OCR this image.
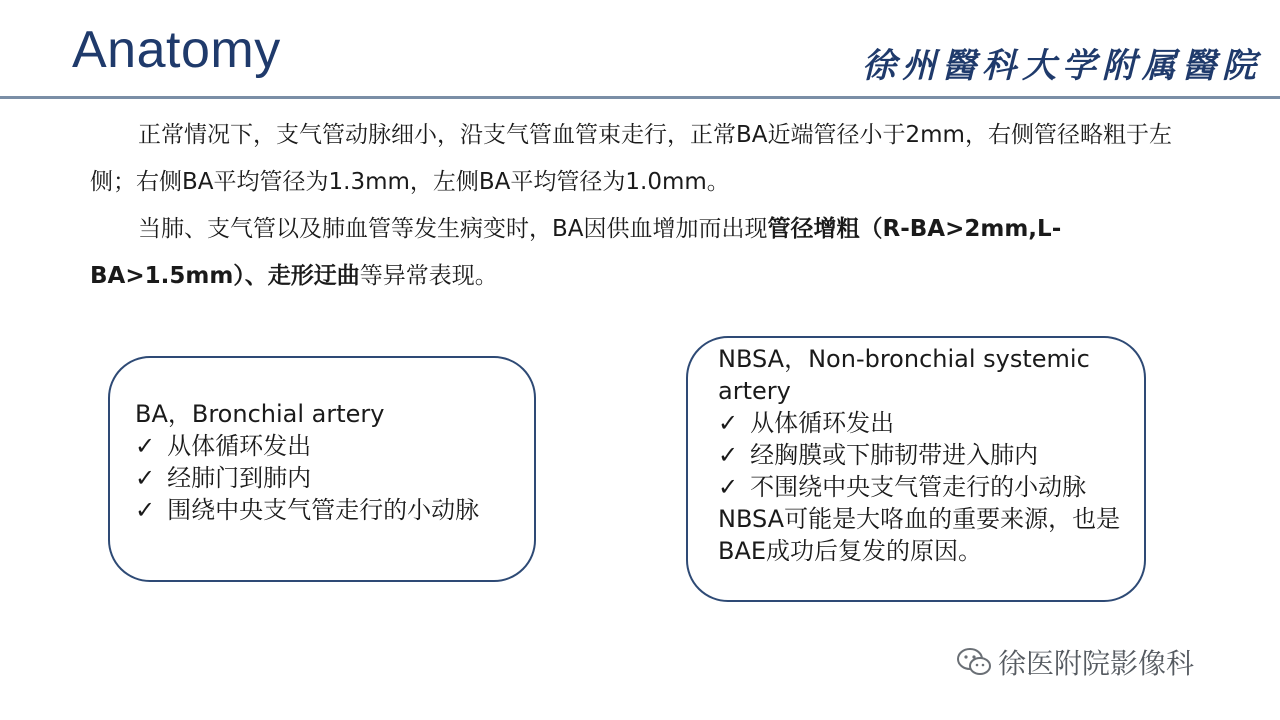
Anatomy	徐州醫科大学附属醫院
正常情况下，支气管动脉细小，沿支气管血管束走行，正常BA近端管径小于2mm，右侧管径略粗于左侧；右侧BA平均管径为1.3mm，左侧BA平均管径为1.0mm。
当肺、支气管以及肺血管等发生病变时，BA因供血增加而出现管径增粗（R-BA>2mm,L-BA>1.5mm）、走形迂曲等异常表现。
BA，Bronchial artery
✓ 从体循环发出
✓ 经肺门到肺内
✓ 围绕中央支气管走行的小动脉
NBSA，Non-bronchial systemic artery
✓ 从体循环发出
✓ 经胸膜或下肺韧带进入肺内
✓ 不围绕中央支气管走行的小动脉
NBSA可能是大咯血的重要来源，也是BAE成功后复发的原因。
徐医附院影像科
